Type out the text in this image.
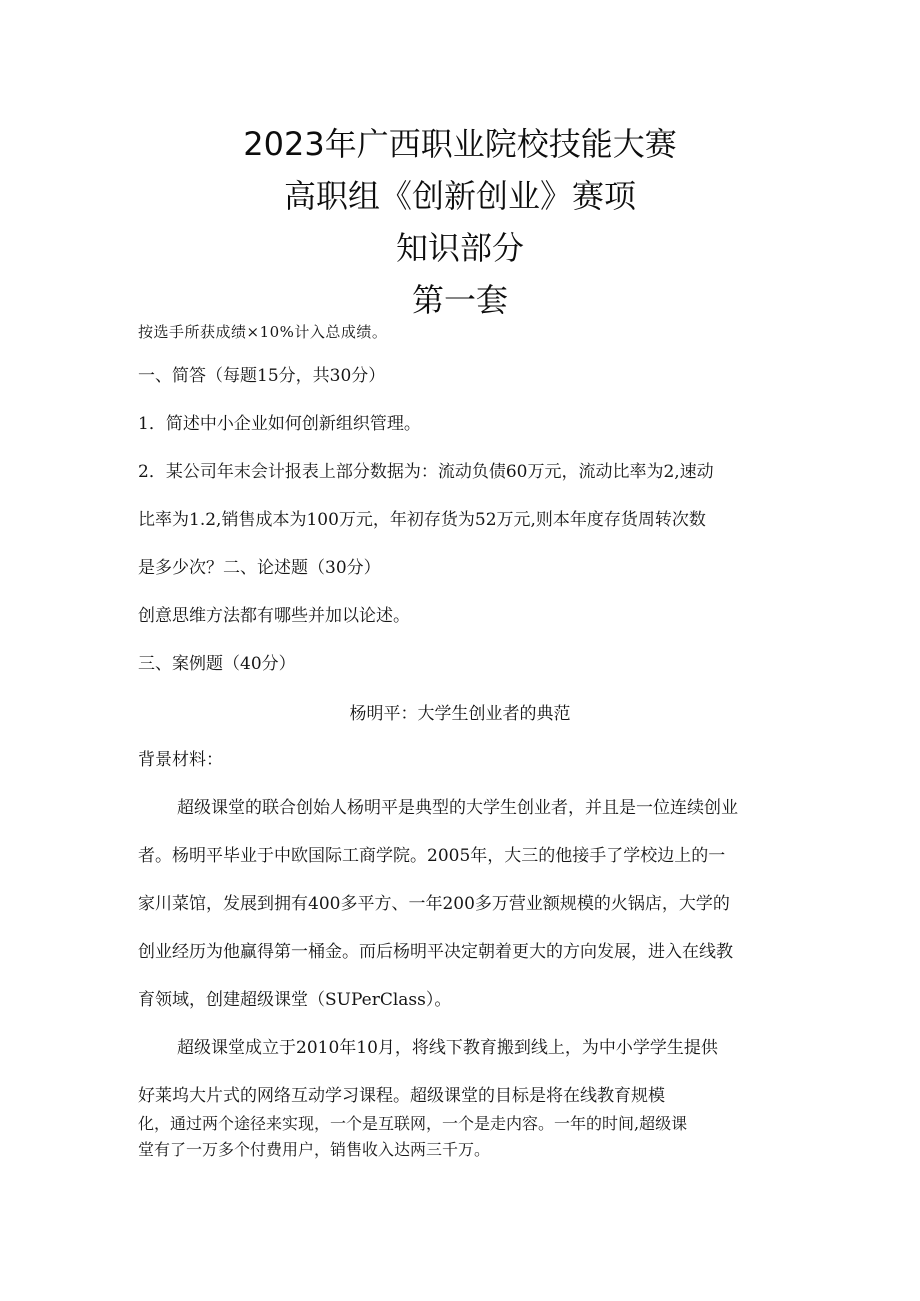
2023年广西职业院校技能大赛
高职组《创新创业》赛项
知识部分
第一套
按选手所获成绩×10%计入总成绩。
一、简答（每题15分，共30分）
1．简述中小企业如何创新组织管理。
2．某公司年末会计报表上部分数据为：流动负债60万元，流动比率为2,速动
比率为1.2,销售成本为100万元，年初存货为52万元,则本年度存货周转次数
是多少次？二、论述题（30分）
创意思维方法都有哪些并加以论述。
三、案例题（40分）
杨明平：大学生创业者的典范
背景材料：
超级课堂的联合创始人杨明平是典型的大学生创业者，并且是一位连续创业
者。杨明平毕业于中欧国际工商学院。2005年，大三的他接手了学校边上的一
家川菜馆，发展到拥有400多平方、一年200多万营业额规模的火锅店，大学的
创业经历为他赢得第一桶金。而后杨明平决定朝着更大的方向发展，进入在线教
育领域，创建超级课堂（SUPerClass）。
超级课堂成立于2010年10月，将线下教育搬到线上，为中小学学生提供
好莱坞大片式的网络互动学习课程。超级课堂的目标是将在线教育规模
化，通过两个途径来实现，一个是互联网，一个是走内容。一年的时间,超级课
堂有了一万多个付费用户，销售收入达两三千万。
